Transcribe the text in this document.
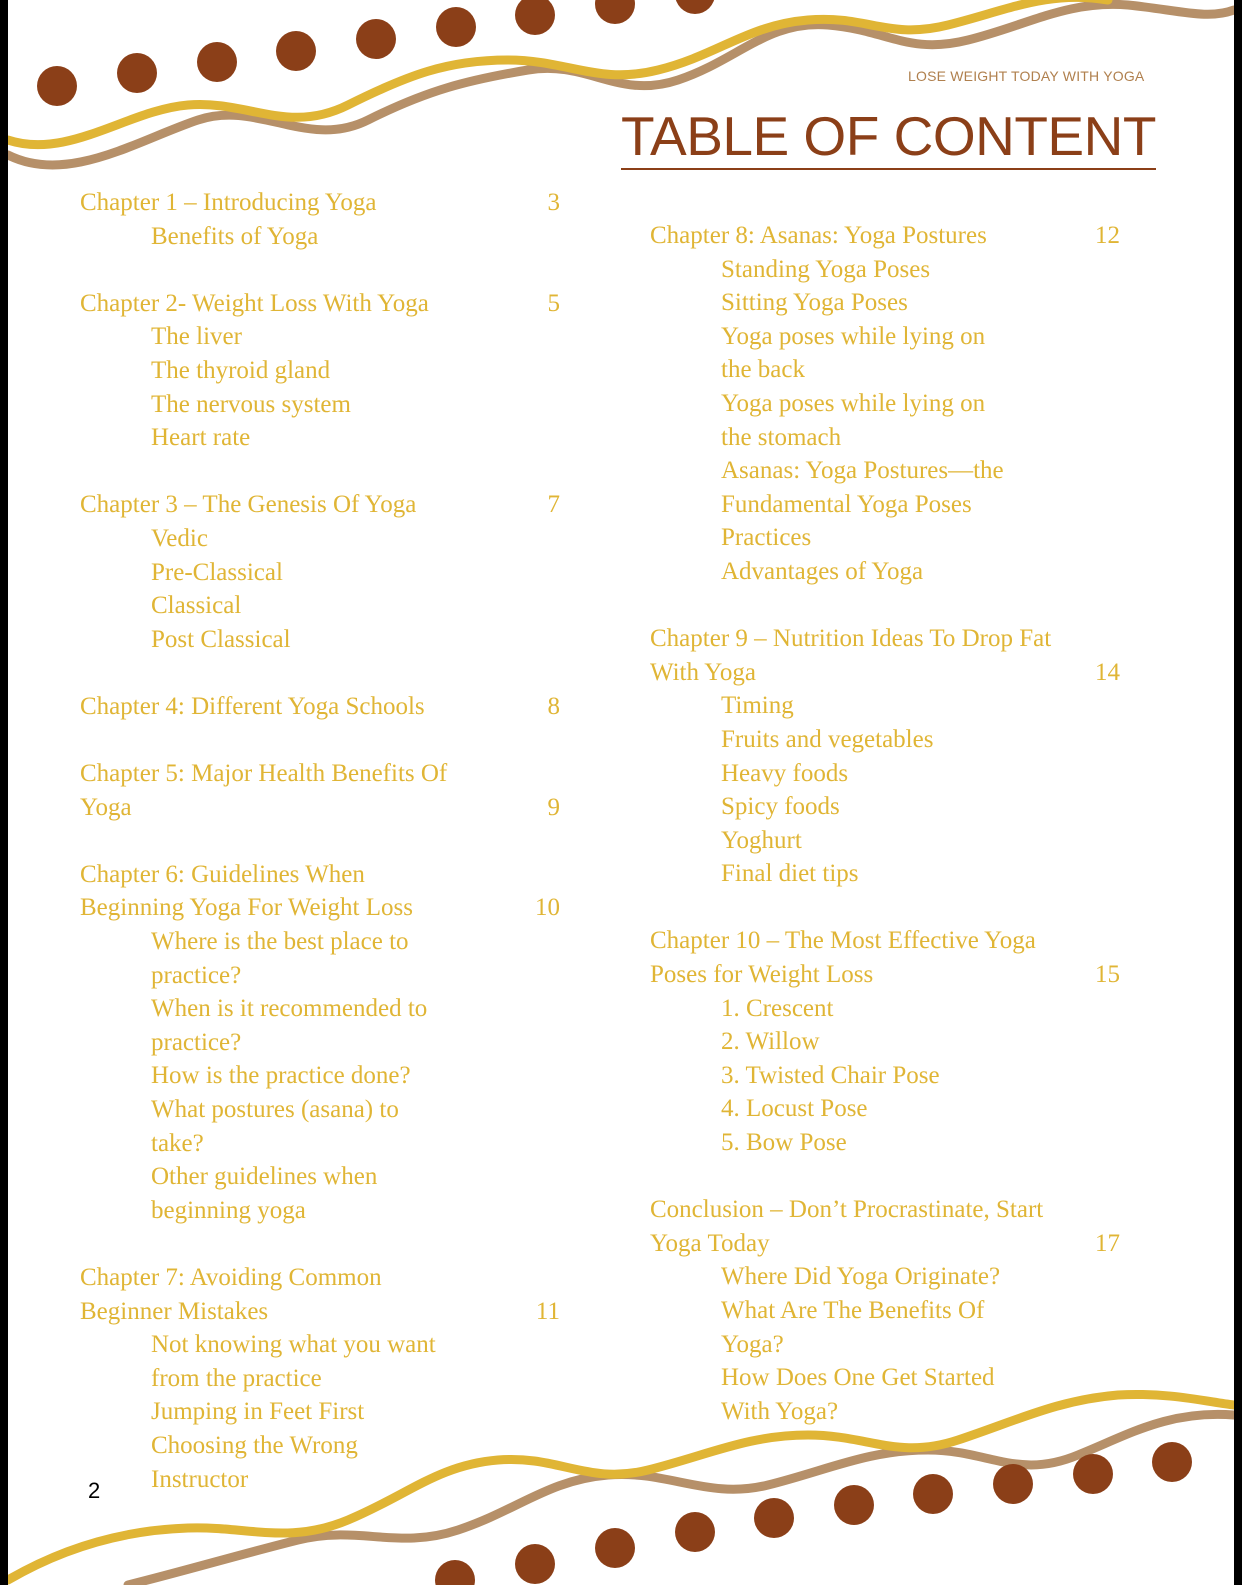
LOSE WEIGHT TODAY WITH YOGA
TABLE OF CONTENT
Chapter 1 – Introducing Yoga	3
Benefits of Yoga
Chapter 2- Weight Loss With Yoga	5
The liver
The thyroid gland
The nervous system
Heart rate
Chapter 3 – The Genesis Of Yoga	7
Vedic
Pre-Classical
Classical
Post Classical
Chapter 4: Different Yoga Schools	8
Chapter 5: Major Health Benefits Of Yoga	9
Chapter 6: Guidelines When Beginning Yoga For Weight Loss	10
Where is the best place to practice?
When is it recommended to practice?
How is the practice done?
What postures (asana) to take?
Other guidelines when beginning yoga
Chapter 7: Avoiding Common Beginner Mistakes	11
Not knowing what you want from the practice
Jumping in Feet First
Choosing the Wrong Instructor
Chapter 8: Asanas: Yoga Postures	12
Standing Yoga Poses
Sitting Yoga Poses
Yoga poses while lying on the back
Yoga poses while lying on the stomach
Asanas: Yoga Postures—the Fundamental Yoga Poses
Practices
Advantages of Yoga
Chapter 9 – Nutrition Ideas To Drop Fat With Yoga	14
Timing
Fruits and vegetables
Heavy foods
Spicy foods
Yoghurt
Final diet tips
Chapter 10 – The Most Effective Yoga Poses for Weight Loss	15
1. Crescent
2. Willow
3. Twisted Chair Pose
4. Locust Pose
5. Bow Pose
Conclusion – Don’t Procrastinate, Start Yoga Today	17
Where Did Yoga Originate?
What Are The Benefits Of Yoga?
How Does One Get Started With Yoga?
2
